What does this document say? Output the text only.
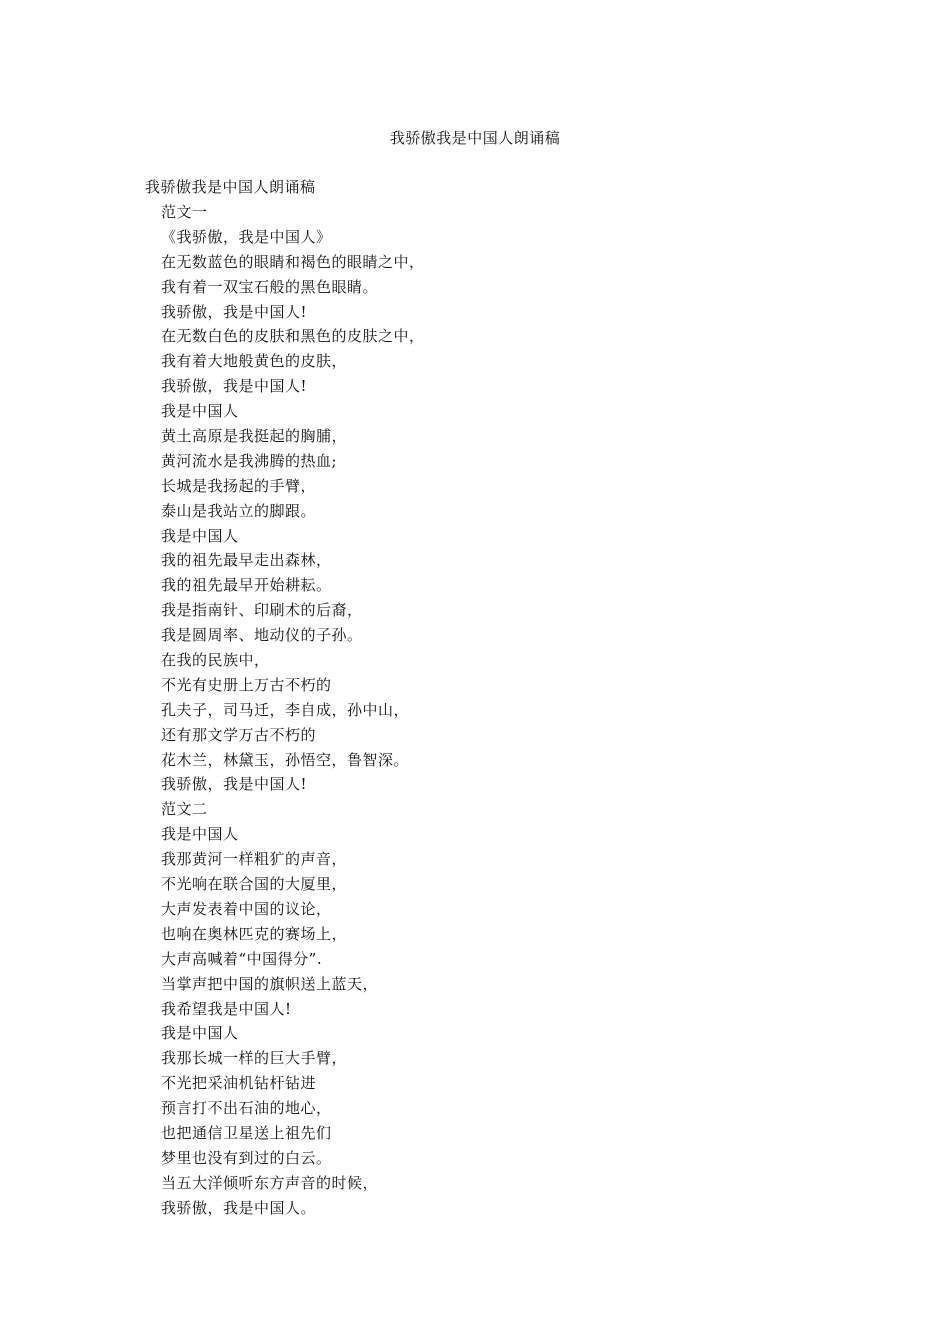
我骄傲我是中国人朗诵稿
我骄傲我是中国人朗诵稿
范文一
《我骄傲，我是中国人》
在无数蓝色的眼睛和褐色的眼睛之中，
我有着一双宝石般的黑色眼睛。
我骄傲，我是中国人!
在无数白色的皮肤和黑色的皮肤之中，
我有着大地般黄色的皮肤，
我骄傲，我是中国人!
我是中国人
黄土高原是我挺起的胸脯，
黄河流水是我沸腾的热血;
长城是我扬起的手臂，
泰山是我站立的脚跟。
我是中国人
我的祖先最早走出森林，
我的祖先最早开始耕耘。
我是指南针、印刷术的后裔，
我是圆周率、地动仪的子孙。
在我的民族中，
不光有史册上万古不朽的
孔夫子，司马迁，李自成，孙中山，
还有那文学万古不朽的
花木兰，林黛玉，孙悟空，鲁智深。
我骄傲，我是中国人!
范文二
我是中国人
我那黄河一样粗犷的声音，
不光响在联合国的大厦里，
大声发表着中国的议论，
也响在奥林匹克的赛场上，
大声高喊着“中国得分”.
当掌声把中国的旗帜送上蓝天，
我希望我是中国人!
我是中国人
我那长城一样的巨大手臂，
不光把采油机钻杆钻进
预言打不出石油的地心，
也把通信卫星送上祖先们
梦里也没有到过的白云。
当五大洋倾听东方声音的时候，
我骄傲，我是中国人。
